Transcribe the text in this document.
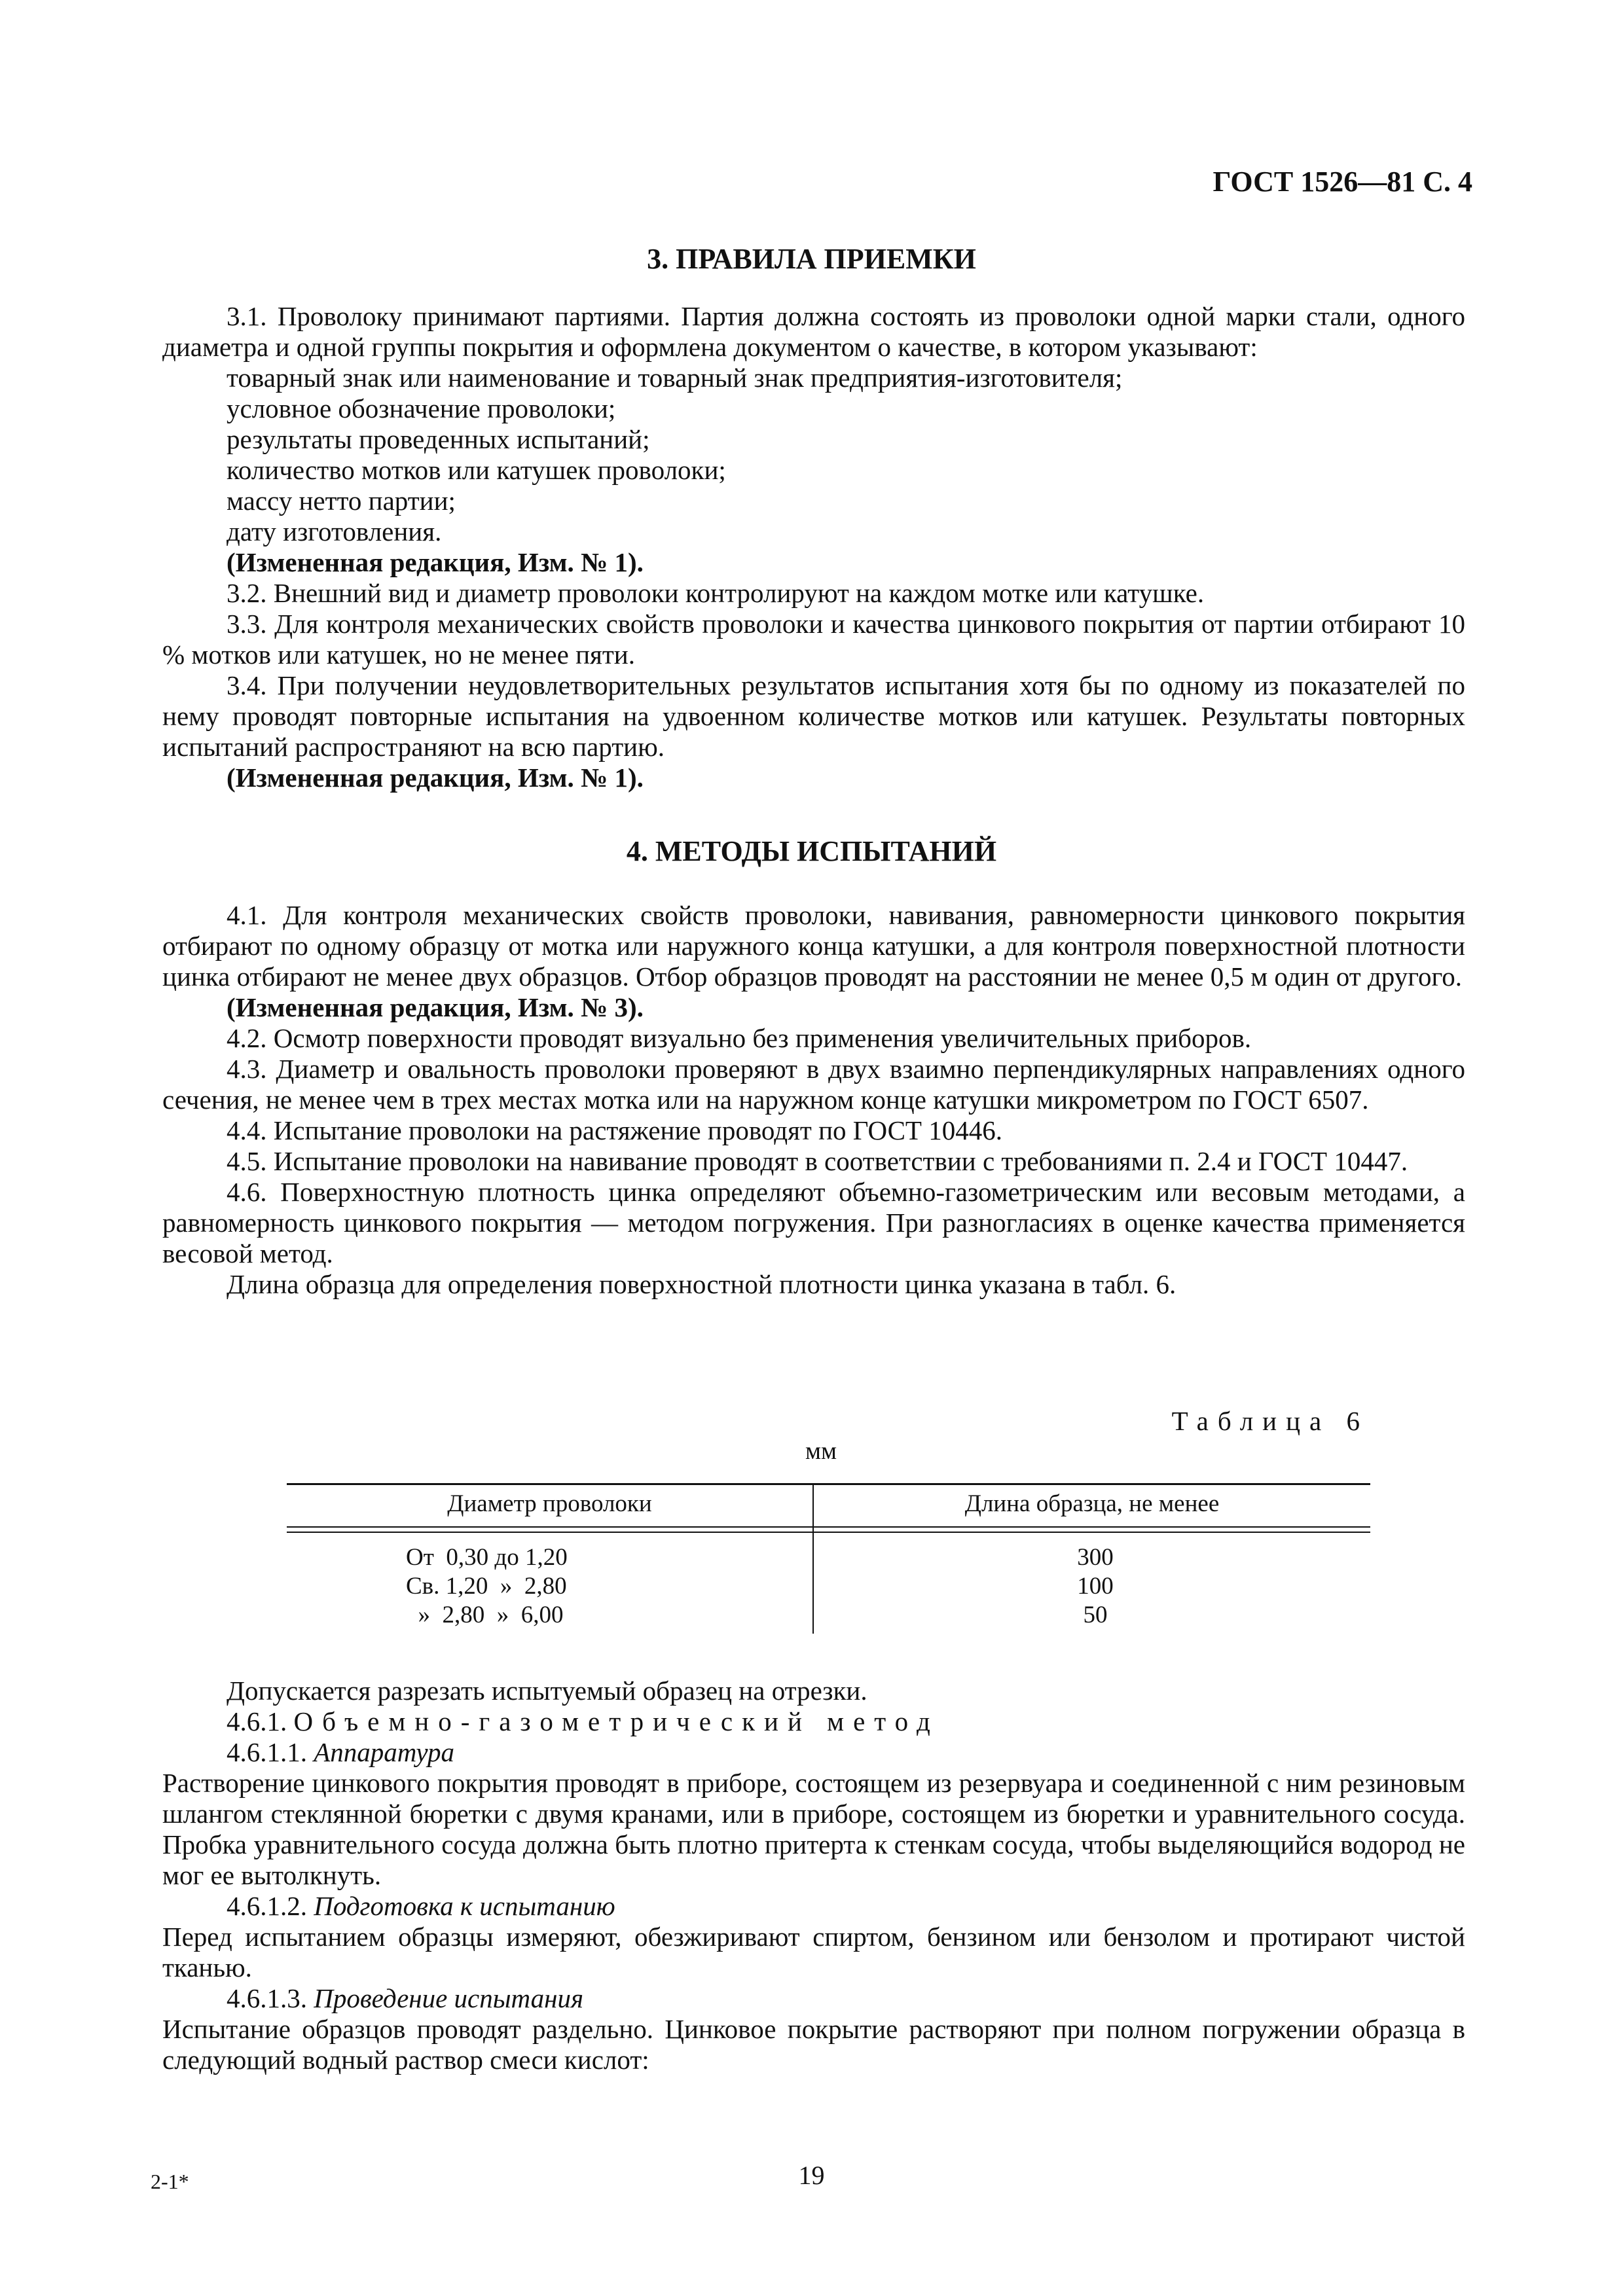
ГОСТ 1526—81 С. 4
3. ПРАВИЛА ПРИЕМКИ

3.1. Проволоку принимают партиями. Партия должна состоять из проволоки одной марки стали, одного диаметра и одной группы покрытия и оформлена документом о качестве, в котором указывают:

товарный знак или наименование и товарный знак предприятия-изготовителя;

условное обозначение проволоки;

результаты проведенных испытаний;

количество мотков или катушек проволоки;

массу нетто партии;

дату изготовления.

(Измененная редакция, Изм. № 1).

3.2. Внешний вид и диаметр проволоки контролируют на каждом мотке или катушке.

3.3. Для контроля механических свойств проволоки и качества цинкового покрытия от партии отбирают 10 % мотков или катушек, но не менее пяти.

3.4. При получении неудовлетворительных результатов испытания хотя бы по одному из показателей по нему проводят повторные испытания на удвоенном количестве мотков или катушек. Результаты повторных испытаний распространяют на всю партию.

(Измененная редакция, Изм. № 1).

4. МЕТОДЫ ИСПЫТАНИЙ

4.1. Для контроля механических свойств проволоки, навивания, равномерности цинкового покрытия отбирают по одному образцу от мотка или наружного конца катушки, а для контроля поверхностной плотности цинка отбирают не менее двух образцов. Отбор образцов проводят на расстоянии не менее 0,5 м один от другого.

(Измененная редакция, Изм. № 3).

4.2. Осмотр поверхности проводят визуально без применения увеличительных приборов.

4.3. Диаметр и овальность проволоки проверяют в двух взаимно перпендикулярных направлениях одного сечения, не менее чем в трех местах мотка или на наружном конце катушки микрометром по ГОСТ 6507.

4.4. Испытание проволоки на растяжение проводят по ГОСТ 10446.

4.5. Испытание проволоки на навивание проводят в соответствии с требованиями п. 2.4 и ГОСТ 10447.

4.6. Поверхностную плотность цинка определяют объемно-газометрическим или весовым методами, а равномерность цинкового покрытия — методом погружения. При разногласиях в оценке качества применяется весовой метод.

Длина образца для определения поверхностной плотности цинка указана в табл. 6.

Таблица 6
мм
Диаметр проволоки	Длина образца, не менее
От  0,30 до 1,20	300
Св. 1,20  »  2,80	100
»  2,80  »  6,00	50

Допускается разрезать испытуемый образец на отрезки.

4.6.1. Объемно-газометрический метод

4.6.1.1. Аппаратура

Растворение цинкового покрытия проводят в приборе, состоящем из резервуара и соединенной с ним резиновым шлангом стеклянной бюретки с двумя кранами, или в приборе, состоящем из бюретки и уравнительного сосуда. Пробка уравнительного сосуда должна быть плотно притерта к стенкам сосуда, чтобы выделяющийся водород не мог ее вытолкнуть.

4.6.1.2. Подготовка к испытанию

Перед испытанием образцы измеряют, обезжиривают спиртом, бензином или бензолом и протирают чистой тканью.

4.6.1.3. Проведение испытания

Испытание образцов проводят раздельно. Цинковое покрытие растворяют при полном погружении образца в следующий водный раствор смеси кислот:

2-1*	19
